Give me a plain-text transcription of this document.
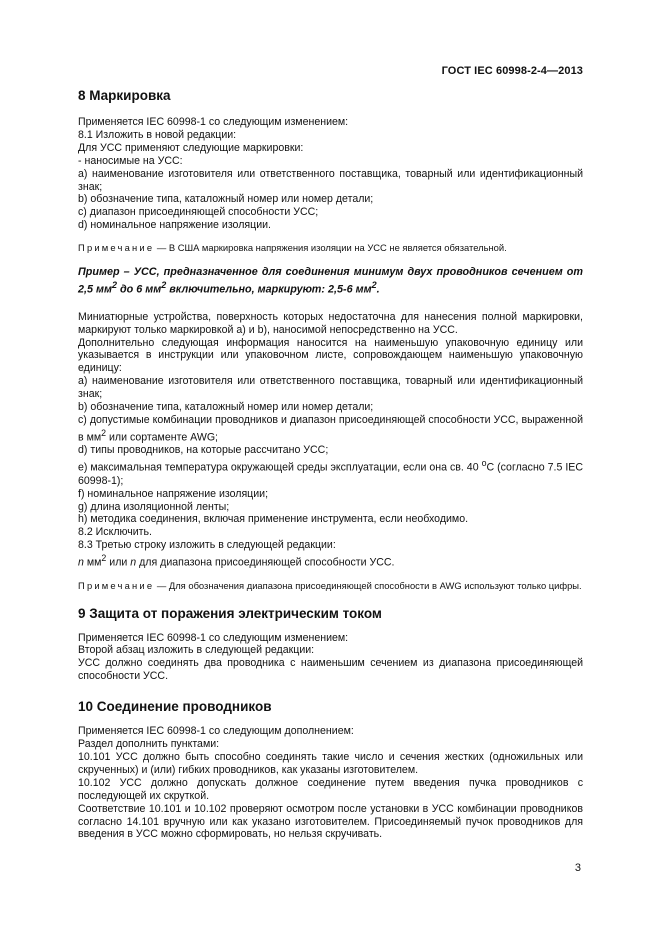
ГОСТ IEC 60998-2-4—2013
8 Маркировка

Применяется IEC 60998-1 со следующим изменением:

8.1 Изложить в новой редакции:

Для УСС применяют следующие маркировки:

- наносимые на УСС:

a) наименование изготовителя или ответственного поставщика, товарный или идентификационный знак;

b) обозначение типа, каталожный номер или номер детали;

c) диапазон присоединяющей способности УСС;

d) номинальное напряжение изоляции.

Примечание — В США маркировка напряжения изоляции на УСС не является обязательной.

Пример – УСС, предназначенное для соединения минимум двух проводников сечением от 2,5 $мм^2$ до 6 $мм^2$ включительно, маркируют: 2,5-6 $мм^2$.

Миниатюрные устройства, поверхность которых недостаточна для нанесения полной маркировки, маркируют только маркировкой a) и b), наносимой непосредственно на УСС.

Дополнительно следующая информация наносится на наименьшую упаковочную единицу или указывается в инструкции или упаковочном листе, сопровождающем наименьшую упаковочную единицу:

a) наименование изготовителя или ответственного поставщика, товарный или идентификационный знак;

b) обозначение типа, каталожный номер или номер детали;

c) допустимые комбинации проводников и диапазон присоединяющей способности УСС, выраженной в $мм^2$ или сортаменте AWG;

d) типы проводников, на которые рассчитано УСС;

e) максимальная температура окружающей среды эксплуатации, если она св. 40 $^o$С (согласно 7.5 IEC 60998-1);

f) номинальное напряжение изоляции;

g) длина изоляционной ленты;

h) методика соединения, включая применение инструмента, если необходимо.

8.2 Исключить.

8.3 Третью строку изложить в следующей редакции:

n $мм^2$ или n для диапазона присоединяющей способности УСС.

Примечание — Для обозначения диапазона присоединяющей способности в AWG используют только цифры.

9 Защита от поражения электрическим током

Применяется IEC 60998-1 со следующим изменением:

Второй абзац изложить в следующей редакции:

УСС должно соединять два проводника с наименьшим сечением из диапазона присоединяющей способности УСС.

10 Соединение проводников

Применяется IEC 60998-1 со следующим дополнением:

Раздел дополнить пунктами:

10.101 УСС должно быть способно соединять такие число и сечения жестких (одножильных или скрученных) и (или) гибких проводников, как указаны изготовителем.

10.102 УСС должно допускать должное соединение путем введения пучка проводников с последующей их скруткой.

Соответствие 10.101 и 10.102 проверяют осмотром после установки в УСС комбинации проводников согласно 14.101 вручную или как указано изготовителем. Присоединяемый пучок проводников для введения в УСС можно сформировать, но нельзя скручивать.

3
